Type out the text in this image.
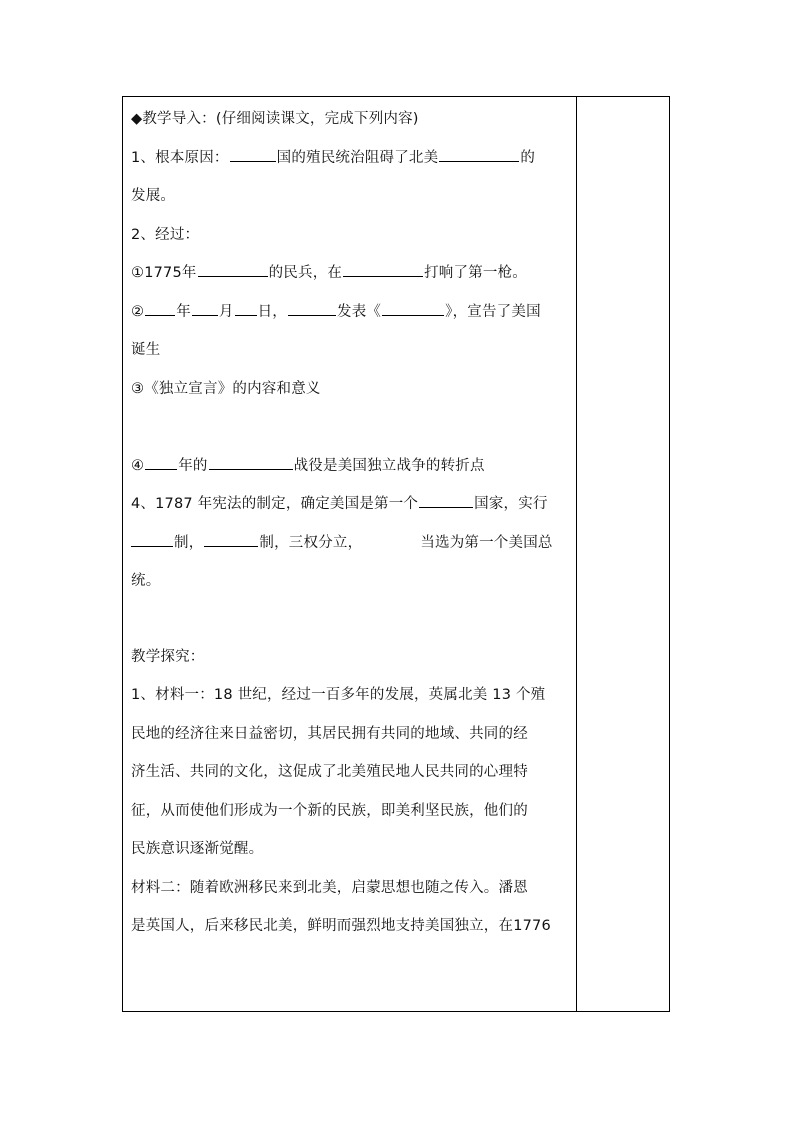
◆教学导入：(仔细阅读课文，完成下列内容)
1、根本原因：	国的殖民统治阻碍了北美	的
发展。
2、经过：
①1775年	的民兵，在	打响了第一枪。
② 年 月 日，	发表《	》，宣告了美国
诞生
③《独立宣言》的内容和意义
④ 年的	战役是美国独立战争的转折点
4、1787 年宪法的制定，确定美国是第一个	国家，实行
制，	制，三权分立，	当选为第一个美国总
统。
教学探究：
1、材料一：18 世纪，经过一百多年的发展，英属北美 13 个殖
民地的经济往来日益密切，其居民拥有共同的地域、共同的经
济生活、共同的文化，这促成了北美殖民地人民共同的心理特
征，从而使他们形成为一个新的民族，即美利坚民族，他们的
民族意识逐渐觉醒。
材料二：随着欧洲移民来到北美，启蒙思想也随之传入。潘恩
是英国人，后来移民北美，鲜明而强烈地支持美国独立，在1776
